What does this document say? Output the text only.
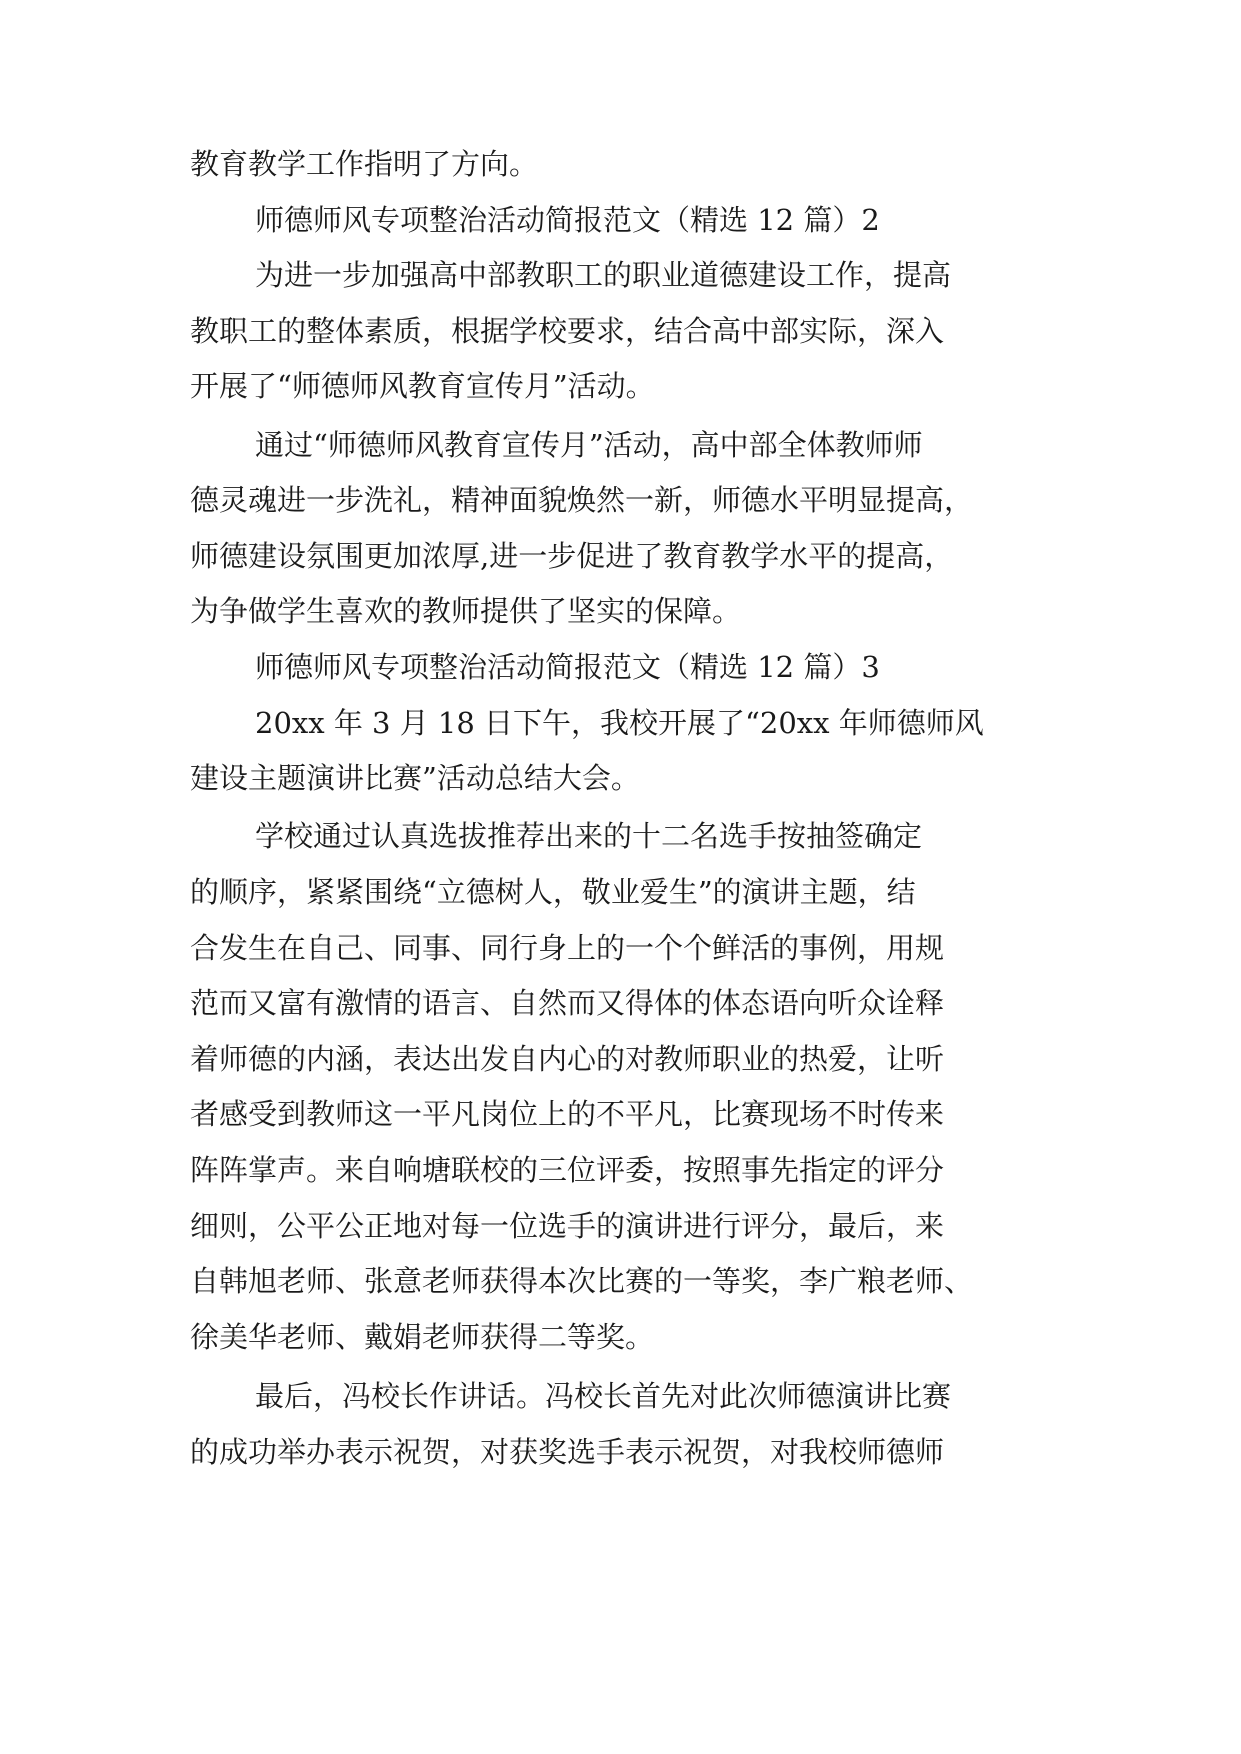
教育教学工作指明了方向。
师德师风专项整治活动简报范文（精选 12 篇）2
为进一步加强高中部教职工的职业道德建设工作，提高
教职工的整体素质，根据学校要求，结合高中部实际，深入
开展了“师德师风教育宣传月”活动。
通过“师德师风教育宣传月”活动，高中部全体教师师
德灵魂进一步洗礼，精神面貌焕然一新，师德水平明显提高，
师德建设氛围更加浓厚,进一步促进了教育教学水平的提高，
为争做学生喜欢的教师提供了坚实的保障。
师德师风专项整治活动简报范文（精选 12 篇）3
20xx 年 3 月 18 日下午，我校开展了“20xx 年师德师风
建设主题演讲比赛”活动总结大会。
学校通过认真选拔推荐出来的十二名选手按抽签确定
的顺序，紧紧围绕“立德树人，敬业爱生”的演讲主题，结
合发生在自己、同事、同行身上的一个个鲜活的事例，用规
范而又富有激情的语言、自然而又得体的体态语向听众诠释
着师德的内涵，表达出发自内心的对教师职业的热爱，让听
者感受到教师这一平凡岗位上的不平凡，比赛现场不时传来
阵阵掌声。来自响塘联校的三位评委，按照事先指定的评分
细则，公平公正地对每一位选手的演讲进行评分，最后，来
自韩旭老师、张意老师获得本次比赛的一等奖，李广粮老师、
徐美华老师、戴娟老师获得二等奖。
最后，冯校长作讲话。冯校长首先对此次师德演讲比赛
的成功举办表示祝贺，对获奖选手表示祝贺，对我校师德师
